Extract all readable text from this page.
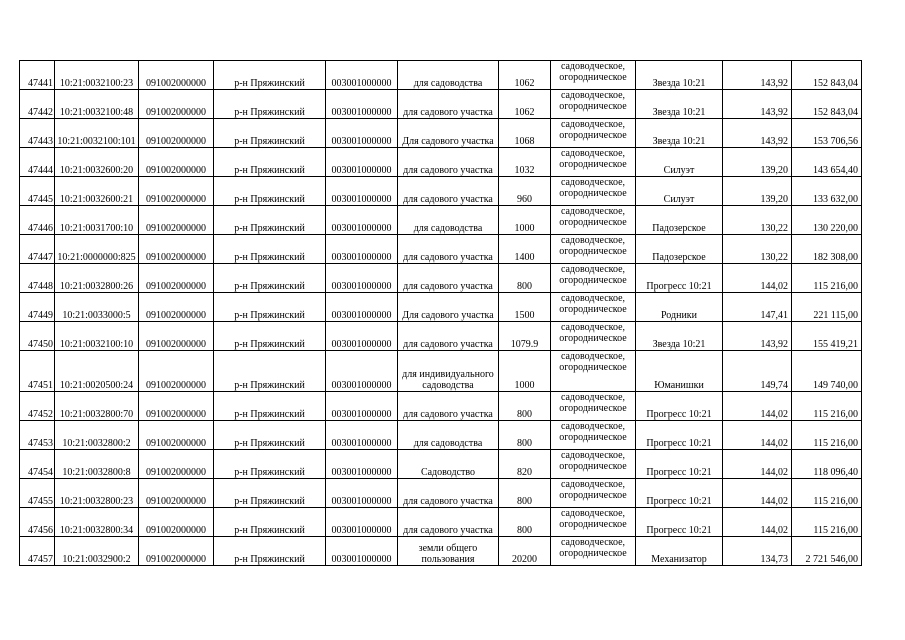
47441	10:21:0032100:23	091002000000	р-н Пряжинский	003001000000	для садоводства	1062	садоводческое, огородническое	Звезда 10:21	143,92	152 843,04
47442	10:21:0032100:48	091002000000	р-н Пряжинский	003001000000	для садового участка	1062	садоводческое, огородническое	Звезда 10:21	143,92	152 843,04
47443	10:21:0032100:101	091002000000	р-н Пряжинский	003001000000	Для садового участка	1068	садоводческое, огородническое	Звезда 10:21	143,92	153 706,56
47444	10:21:0032600:20	091002000000	р-н Пряжинский	003001000000	для садового участка	1032	садоводческое, огородническое	Силуэт	139,20	143 654,40
47445	10:21:0032600:21	091002000000	р-н Пряжинский	003001000000	для садового участка	960	садоводческое, огородническое	Силуэт	139,20	133 632,00
47446	10:21:0031700:10	091002000000	р-н Пряжинский	003001000000	для садоводства	1000	садоводческое, огородническое	Падозерское	130,22	130 220,00
47447	10:21:0000000:825	091002000000	р-н Пряжинский	003001000000	для садового участка	1400	садоводческое, огородническое	Падозерское	130,22	182 308,00
47448	10:21:0032800:26	091002000000	р-н Пряжинский	003001000000	для садового участка	800	садоводческое, огородническое	Прогресс 10:21	144,02	115 216,00
47449	10:21:0033000:5	091002000000	р-н Пряжинский	003001000000	Для садового участка	1500	садоводческое, огородническое	Родники	147,41	221 115,00
47450	10:21:0032100:10	091002000000	р-н Пряжинский	003001000000	для садового участка	1079.9	садоводческое, огородническое	Звезда 10:21	143,92	155 419,21
47451	10:21:0020500:24	091002000000	р-н Пряжинский	003001000000	для индивидуального садоводства	1000	садоводческое, огородническое	Юманишки	149,74	149 740,00
47452	10:21:0032800:70	091002000000	р-н Пряжинский	003001000000	для садового участка	800	садоводческое, огородническое	Прогресс 10:21	144,02	115 216,00
47453	10:21:0032800:2	091002000000	р-н Пряжинский	003001000000	для садоводства	800	садоводческое, огородническое	Прогресс 10:21	144,02	115 216,00
47454	10:21:0032800:8	091002000000	р-н Пряжинский	003001000000	Садоводство	820	садоводческое, огородническое	Прогресс 10:21	144,02	118 096,40
47455	10:21:0032800:23	091002000000	р-н Пряжинский	003001000000	для садового участка	800	садоводческое, огородническое	Прогресс 10:21	144,02	115 216,00
47456	10:21:0032800:34	091002000000	р-н Пряжинский	003001000000	для садового участка	800	садоводческое, огородническое	Прогресс 10:21	144,02	115 216,00
47457	10:21:0032900:2	091002000000	р-н Пряжинский	003001000000	земли общего пользования	20200	садоводческое, огородническое	Механизатор	134,73	2 721 546,00
